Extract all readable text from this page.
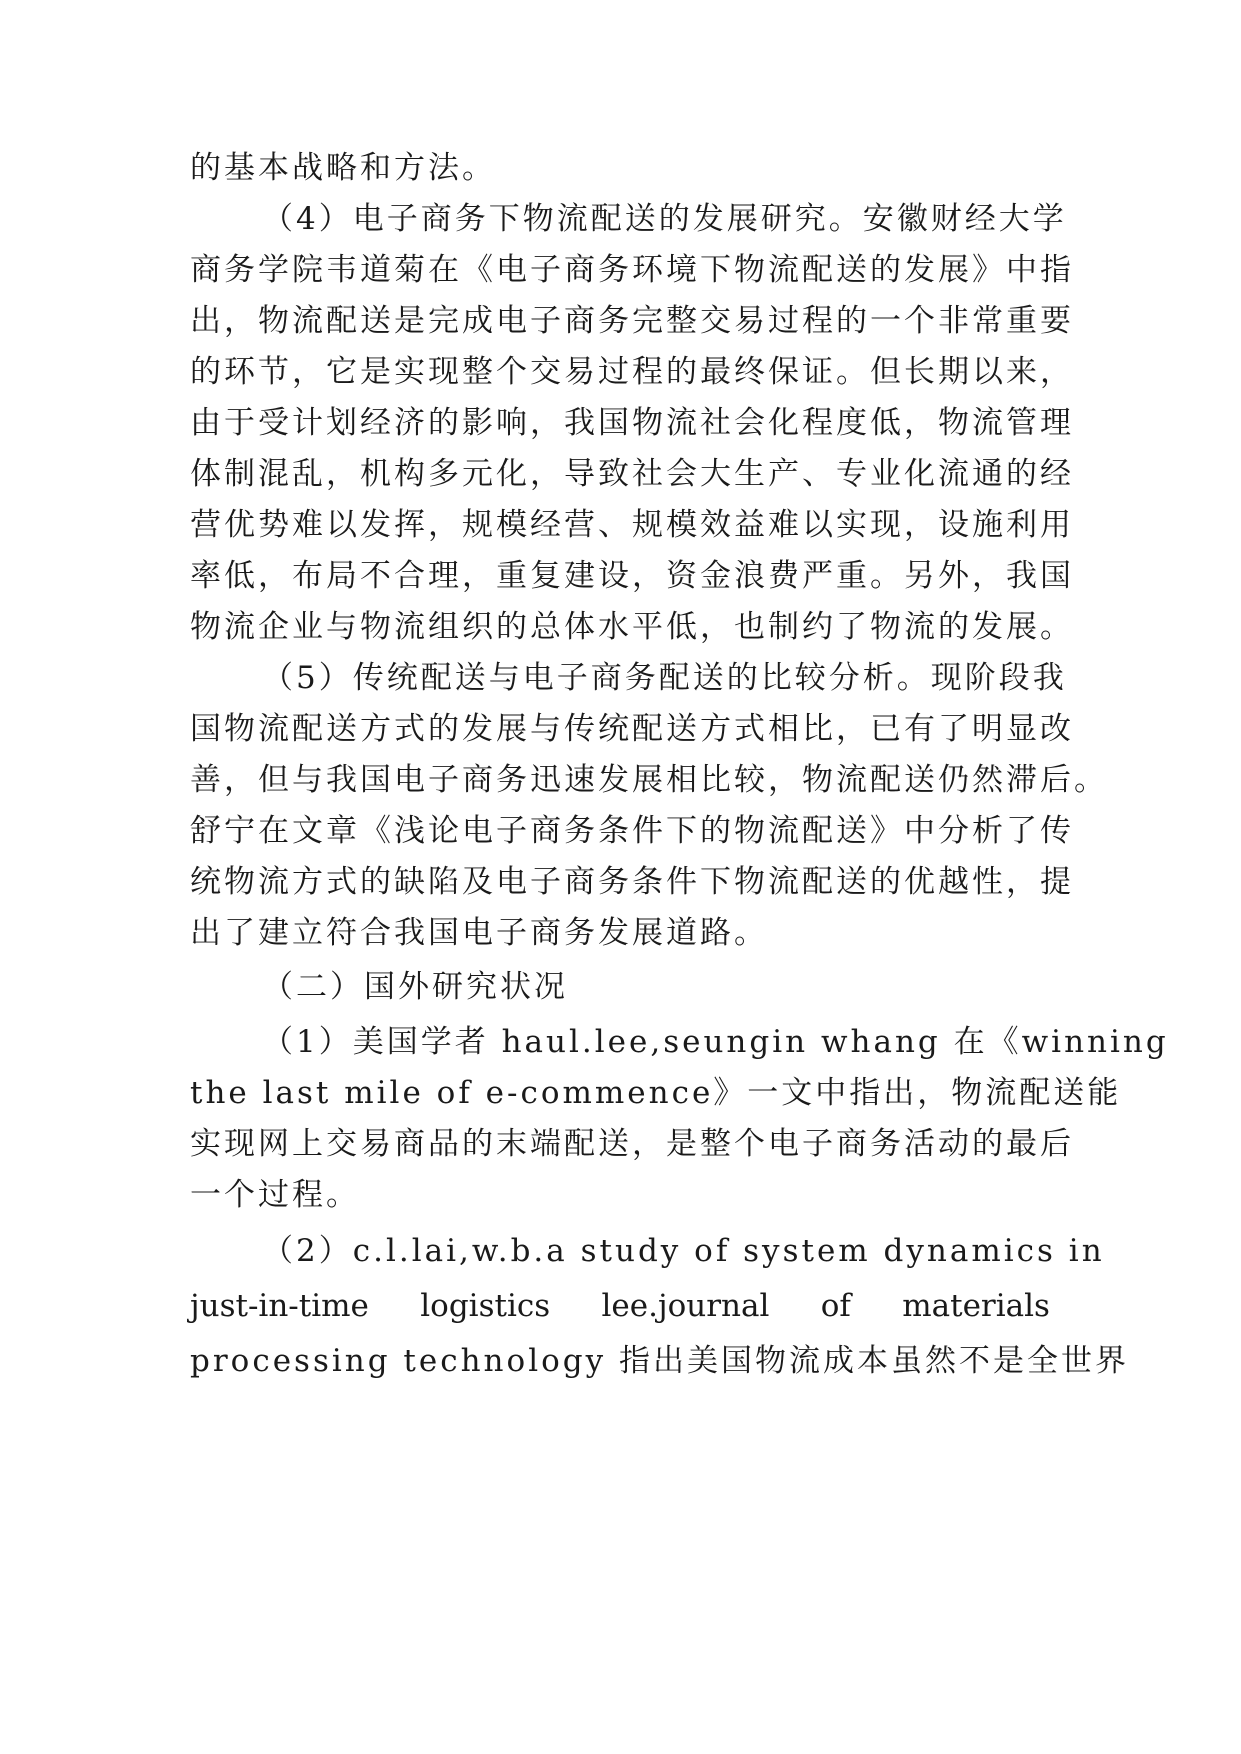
的基本战略和方法。
（4）电子商务下物流配送的发展研究。安徽财经大学
商务学院韦道菊在《电子商务环境下物流配送的发展》中指
出，物流配送是完成电子商务完整交易过程的一个非常重要
的环节，它是实现整个交易过程的最终保证。但长期以来，
由于受计划经济的影响，我国物流社会化程度低，物流管理
体制混乱，机构多元化，导致社会大生产、专业化流通的经
营优势难以发挥，规模经营、规模效益难以实现，设施利用
率低，布局不合理，重复建设，资金浪费严重。另外，我国
物流企业与物流组织的总体水平低，也制约了物流的发展。
（5）传统配送与电子商务配送的比较分析。现阶段我
国物流配送方式的发展与传统配送方式相比，已有了明显改
善，但与我国电子商务迅速发展相比较，物流配送仍然滞后。
舒宁在文章《浅论电子商务条件下的物流配送》中分析了传
统物流方式的缺陷及电子商务条件下物流配送的优越性，提
出了建立符合我国电子商务发展道路。
（二）国外研究状况
（1）美国学者 haul.lee,seungin whang 在《winning
the last mile of e-commence》一文中指出，物流配送能
实现网上交易商品的末端配送，是整个电子商务活动的最后
一个过程。
（2）c.l.lai,w.b.a study of system dynamics in
just-in-time logistics lee.journal of materials
processing technology 指出美国物流成本虽然不是全世界
